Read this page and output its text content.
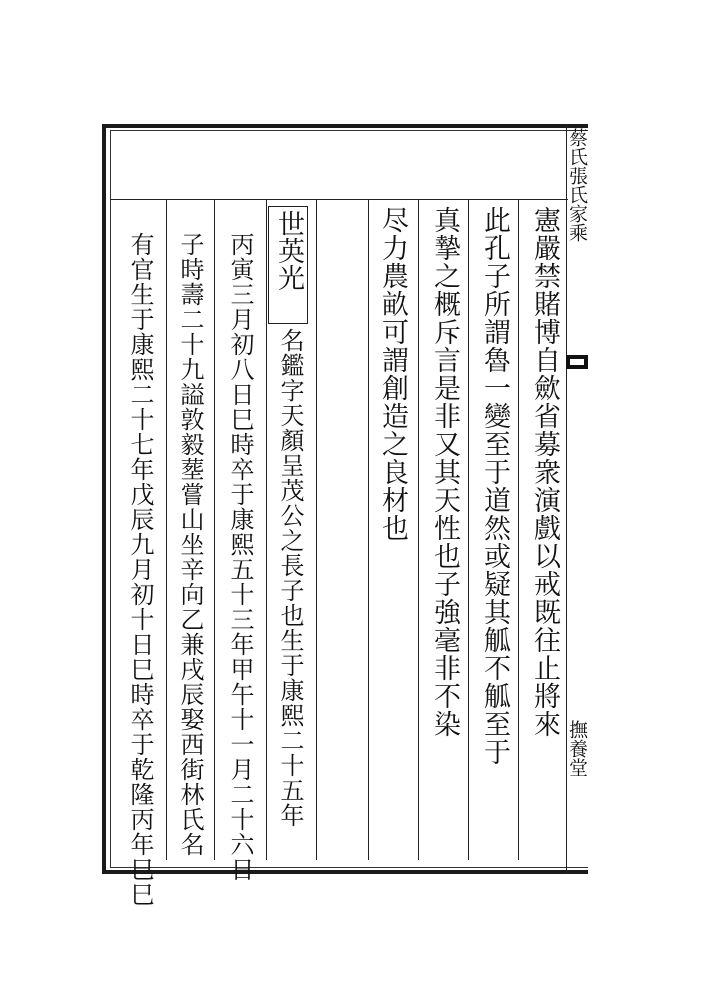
蔡氏張氏家乘
撫養堂
憲嚴禁賭博自歛省募衆演戲以戒既往止將來
此孔子所謂魯一變至于道然或疑其觚不觚至于
真摯之概斥言是非又其天性也子強毫非不染
尽力農畝可謂創造之良材也
世英光
名鑑字天顏呈茂公之長子也生于康熙二十五年
丙寅三月初八日巳時卒于康熙五十三年甲午十一月二十六日
子時壽二十九謚敦毅塟嘗山坐辛向乙兼戌辰娶西街林氏名
有官生于康熙二十七年戊辰九月初十日巳時卒于乾隆丙年巳巳
